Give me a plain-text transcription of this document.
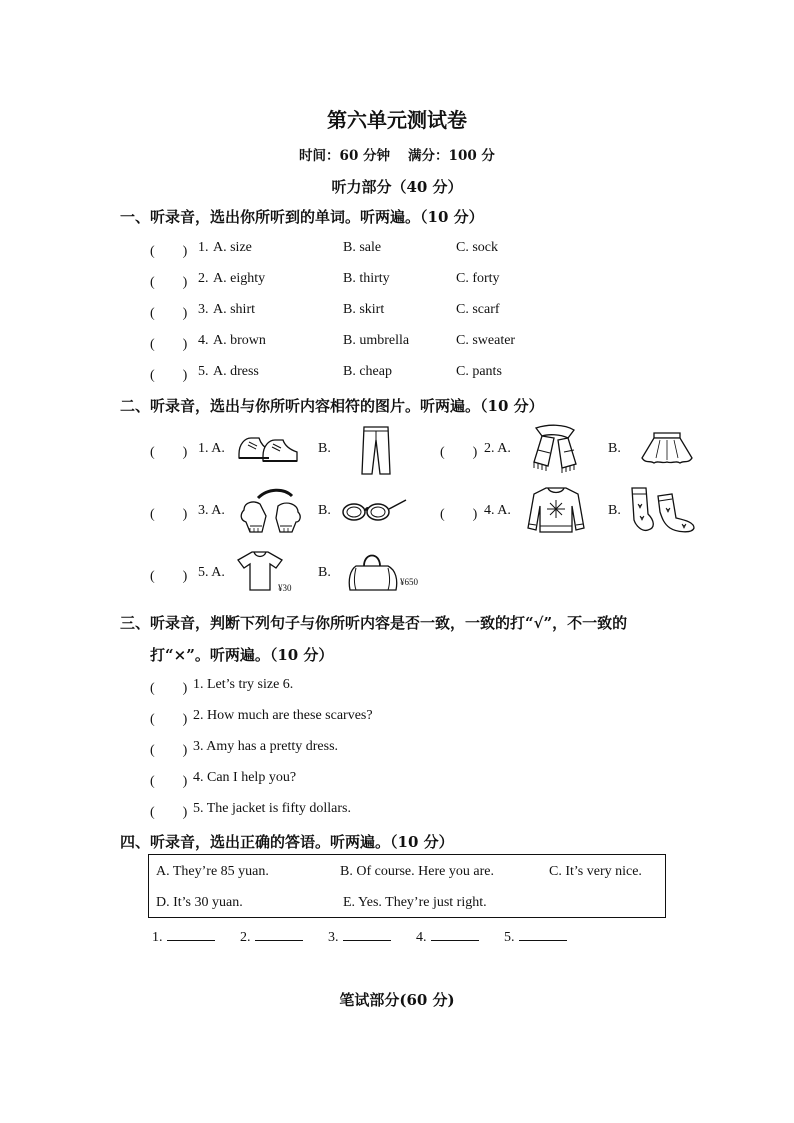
第六单元测试卷
时间：60 分钟 满分：100 分
听力部分（40 分）
一、听录音，选出你所听到的单词。听两遍。（10 分）
(　　) 1. A. size	B. sale	C. sock
(　　) 2. A. eighty	B. thirty	C. forty
(　　) 3. A. shirt	B. skirt	C. scarf
(　　) 4. A. brown	B. umbrella	C. sweater
(　　) 5. A. dress	B. cheap	C. pants
二、听录音，选出与你所听内容相符的图片。听两遍。（10 分）
(　　) 1. A.	B.	(　　) 2. A.	B.
(　　) 3. A.	B.	(　　) 4. A.	B.
(　　) 5. A.
¥30
B.
¥650
三、听录音，判断下列句子与你所听内容是否一致，一致的打“√”，不一致的
打“×”。听两遍。（10 分）
(　　) 1. Let’s try size 6.
(　　) 2. How much are these scarves?
(　　) 3. Amy has a pretty dress.
(　　) 4. Can I help you?
(　　) 5. The jacket is fifty dollars.
四、听录音，选出正确的答语。听两遍。（10 分）
A. They’re 85 yuan.	B. Of course. Here you are.	C. It’s very nice.
D. It’s 30 yuan.	E. Yes. They’re just right.
1.	2.	3.	4.	5.
笔试部分(60 分)
